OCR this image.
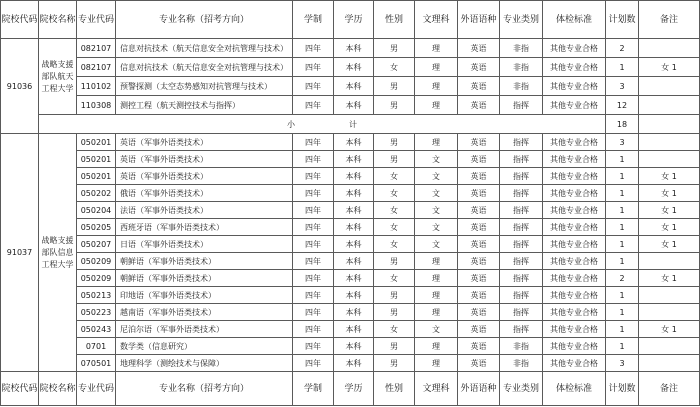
院校代码	院校名称	专业代码	专业名称（招考方向）	学制	学历	性别	文理科	外语语种	专业类别	体检标准	计划数	备注
91036	战略支援部队航天工程大学	082107	信息对抗技术（航天信息安全对抗管理与技术）	四年	本科	男	理	英语	非指	其他专业合格	2	
		082107	信息对抗技术（航天信息安全对抗管理与技术）	四年	本科	女	理	英语	非指	其他专业合格	1	女 1
		110102	预警探测（太空态势感知对抗管理与技术）	四年	本科	男	理	英语	非指	其他专业合格	3	
		110308	测控工程（航天测控技术与指挥）	四年	本科	男	理	英语	指挥	其他专业合格	12	
	小计										18	
91037	战略支援部队信息工程大学	050201	英语（军事外语类技术）	四年	本科	男	理	英语	指挥	其他专业合格	3	
		050201	英语（军事外语类技术）	四年	本科	男	文	英语	指挥	其他专业合格	1	
		050201	英语（军事外语类技术）	四年	本科	女	文	英语	指挥	其他专业合格	1	女 1
		050202	俄语（军事外语类技术）	四年	本科	女	文	英语	指挥	其他专业合格	1	女 1
		050204	法语（军事外语类技术）	四年	本科	女	文	英语	指挥	其他专业合格	1	女 1
		050205	西班牙语（军事外语类技术）	四年	本科	女	文	英语	指挥	其他专业合格	1	女 1
		050207	日语（军事外语类技术）	四年	本科	女	文	英语	指挥	其他专业合格	1	女 1
		050209	朝鲜语（军事外语类技术）	四年	本科	男	理	英语	指挥	其他专业合格	1	
		050209	朝鲜语（军事外语类技术）	四年	本科	女	理	英语	指挥	其他专业合格	2	女 1
		050213	印地语（军事外语类技术）	四年	本科	男	理	英语	指挥	其他专业合格	1	
		050223	越南语（军事外语类技术）	四年	本科	男	理	英语	指挥	其他专业合格	1	
		050243	尼泊尔语（军事外语类技术）	四年	本科	女	文	英语	指挥	其他专业合格	1	女 1
		0701	数学类（信息研究）	四年	本科	男	理	英语	非指	其他专业合格	1	
		070501	地理科学（测绘技术与保障）	四年	本科	男	理	英语	非指	其他专业合格	3	
院校代码	院校名称	专业代码	专业名称（招考方向）	学制	学历	性别	文理科	外语语种	专业类别	体检标准	计划数	备注
